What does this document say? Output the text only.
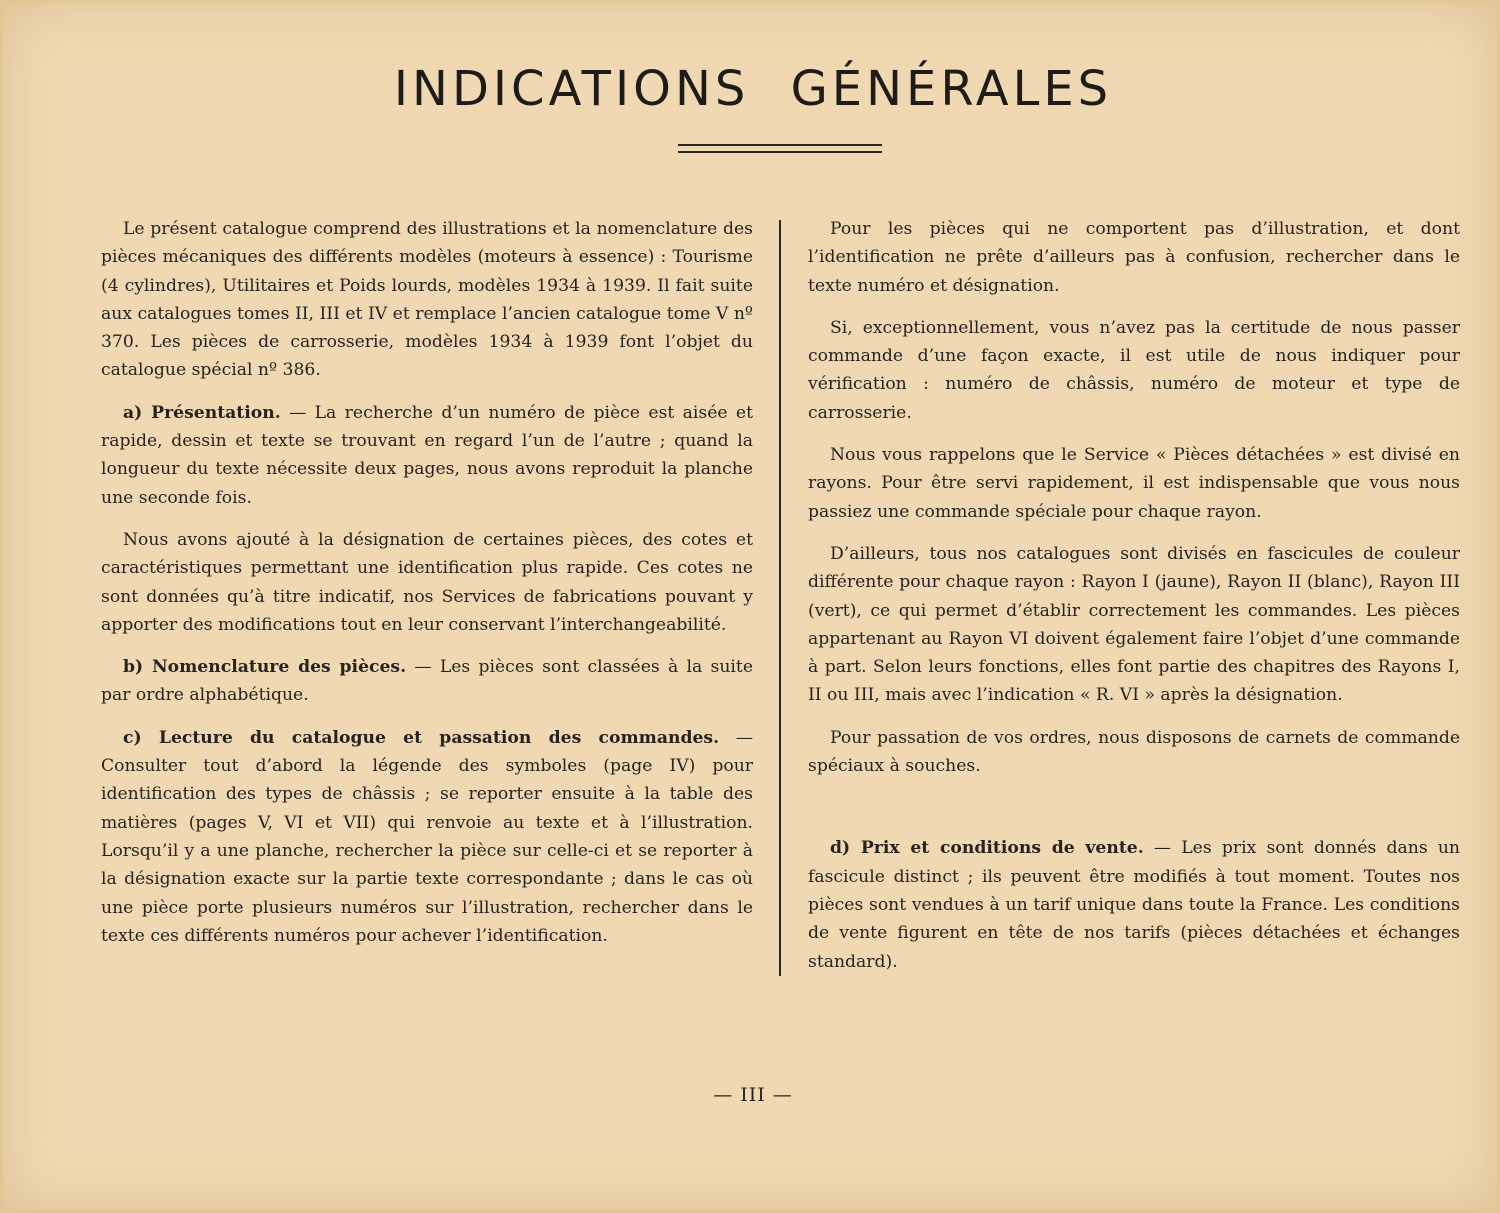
INDICATIONS GÉNÉRALES

Le présent catalogue comprend des illustrations et la nomenclature des pièces mécaniques des différents modèles (moteurs à essence) : Tourisme (4 cylindres), Utilitaires et Poids lourds, modèles 1934 à 1939. Il fait suite aux catalogues tomes II, III et IV et remplace l’ancien catalogue tome V nº 370. Les pièces de carrosserie, modèles 1934 à 1939 font l’objet du catalogue spécial nº 386.

a) Présentation. — La recherche d’un numéro de pièce est aisée et rapide, dessin et texte se trouvant en regard l’un de l’autre ; quand la longueur du texte nécessite deux pages, nous avons reproduit la planche une seconde fois.

Nous avons ajouté à la désignation de certaines pièces, des cotes et caractéristiques permettant une identification plus rapide. Ces cotes ne sont données qu’à titre indicatif, nos Services de fabrications pouvant y apporter des modifications tout en leur conservant l’interchangeabilité.

b) Nomenclature des pièces. — Les pièces sont classées à la suite par ordre alphabétique.

c) Lecture du catalogue et passation des commandes. — Consulter tout d’abord la légende des symboles (page IV) pour identification des types de châssis ; se reporter ensuite à la table des matières (pages V, VI et VII) qui renvoie au texte et à l’illustration. Lorsqu’il y a une planche, rechercher la pièce sur celle-ci et se reporter à la désignation exacte sur la partie texte correspondante ; dans le cas où une pièce porte plusieurs numéros sur l’illustration, rechercher dans le texte ces différents numéros pour achever l’identification.

Pour les pièces qui ne comportent pas d’illustration, et dont l’identification ne prête d’ailleurs pas à confusion, rechercher dans le texte numéro et désignation.

Si, exceptionnellement, vous n’avez pas la certitude de nous passer commande d’une façon exacte, il est utile de nous indiquer pour vérification : numéro de châssis, numéro de moteur et type de carrosserie.

Nous vous rappelons que le Service « Pièces détachées » est divisé en rayons. Pour être servi rapidement, il est indispensable que vous nous passiez une commande spéciale pour chaque rayon.

D’ailleurs, tous nos catalogues sont divisés en fascicules de couleur différente pour chaque rayon : Rayon I (jaune), Rayon II (blanc), Rayon III (vert), ce qui permet d’établir correctement les commandes. Les pièces appartenant au Rayon VI doivent également faire l’objet d’une commande à part. Selon leurs fonctions, elles font partie des chapitres des Rayons I, II ou III, mais avec l’indication « R. VI » après la désignation.

Pour passation de vos ordres, nous disposons de carnets de commande spéciaux à souches.

d) Prix et conditions de vente. — Les prix sont donnés dans un fascicule distinct ; ils peuvent être modifiés à tout moment. Toutes nos pièces sont vendues à un tarif unique dans toute la France. Les conditions de vente figurent en tête de nos tarifs (pièces détachées et échanges standard).

— III —
